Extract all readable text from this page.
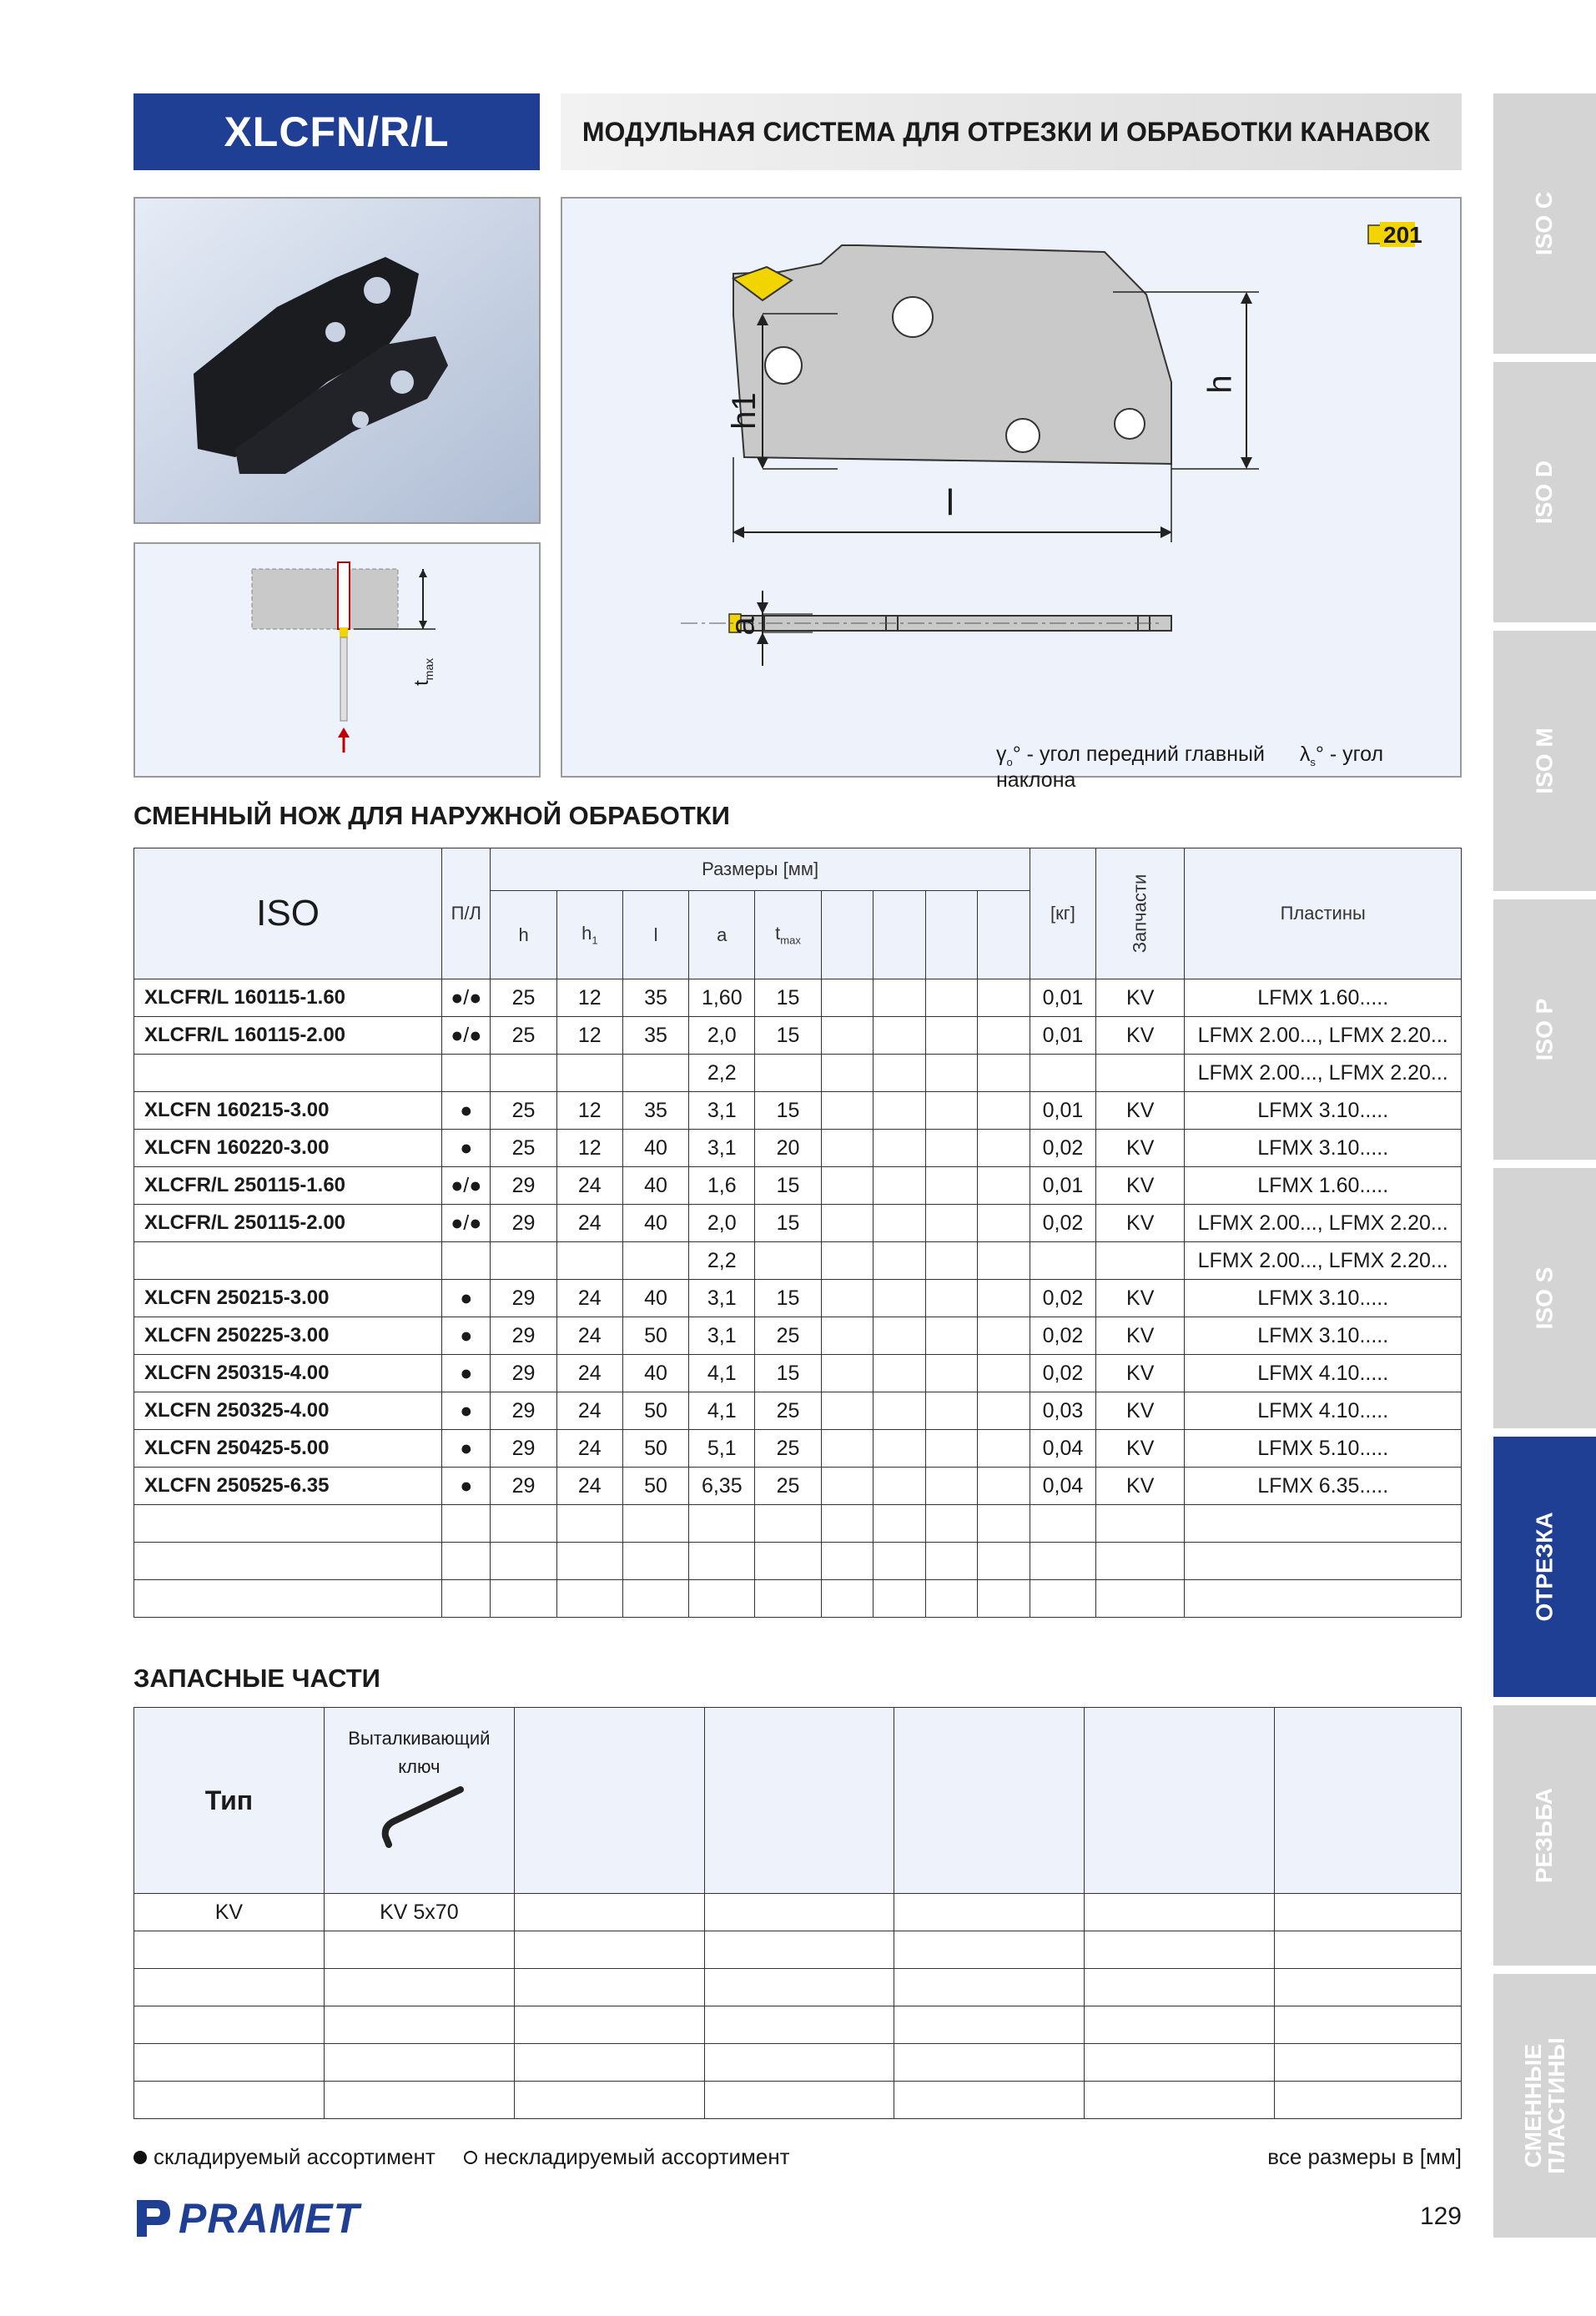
XLCFN/R/L	МОДУЛЬНАЯ СИСТЕМА ДЛЯ ОТРЕЗКИ И ОБРАБОТКИ КАНАВОК
ISO C
ISO D
ISO M
ISO P
ISO S
ОТРЕЗКА
РЕЗЬБА
СМЕННЫЕ
ПЛАСТИНЫ
$t_{max}$
201
h1
h
l
a
$\gamma_o^\circ$ - угол передний главный $\lambda_s^\circ$ - угол наклона
СМЕННЫЙ НОЖ ДЛЯ НАРУЖНОЙ ОБРАБОТКИ
ISO	П/Л	Размеры [мм]									[кг]	Запчасти	Пластины
		h	$h_1$	l	a	$t_{max}$				
XLCFR/L 160115-1.60	●/●	25	12	35	1,60	15					0,01	KV	LFMX 1.60.....
XLCFR/L 160115-2.00	●/●	25	12	35	2,0	15					0,01	KV	LFMX 2.00..., LFMX 2.20...
					2,2								LFMX 2.00..., LFMX 2.20...
XLCFN 160215-3.00	●	25	12	35	3,1	15					0,01	KV	LFMX 3.10.....
XLCFN 160220-3.00	●	25	12	40	3,1	20					0,02	KV	LFMX 3.10.....
XLCFR/L 250115-1.60	●/●	29	24	40	1,6	15					0,01	KV	LFMX 1.60.....
XLCFR/L 250115-2.00	●/●	29	24	40	2,0	15					0,02	KV	LFMX 2.00..., LFMX 2.20...
					2,2								LFMX 2.00..., LFMX 2.20...
XLCFN 250215-3.00	●	29	24	40	3,1	15					0,02	KV	LFMX 3.10.....
XLCFN 250225-3.00	●	29	24	50	3,1	25					0,02	KV	LFMX 3.10.....
XLCFN 250315-4.00	●	29	24	40	4,1	15					0,02	KV	LFMX 4.10.....
XLCFN 250325-4.00	●	29	24	50	4,1	25					0,03	KV	LFMX 4.10.....
XLCFN 250425-5.00	●	29	24	50	5,1	25					0,04	KV	LFMX 5.10.....
XLCFN 250525-6.35	●	29	24	50	6,35	25					0,04	KV	LFMX 6.35.....

ЗАПАСНЫЕ ЧАСТИ
Тип	Выталкивающий ключ					

KV	KV 5x70					

складируемый ассортимент	нескладируемый ассортимент	все размеры в [мм]
PRAMET	129
